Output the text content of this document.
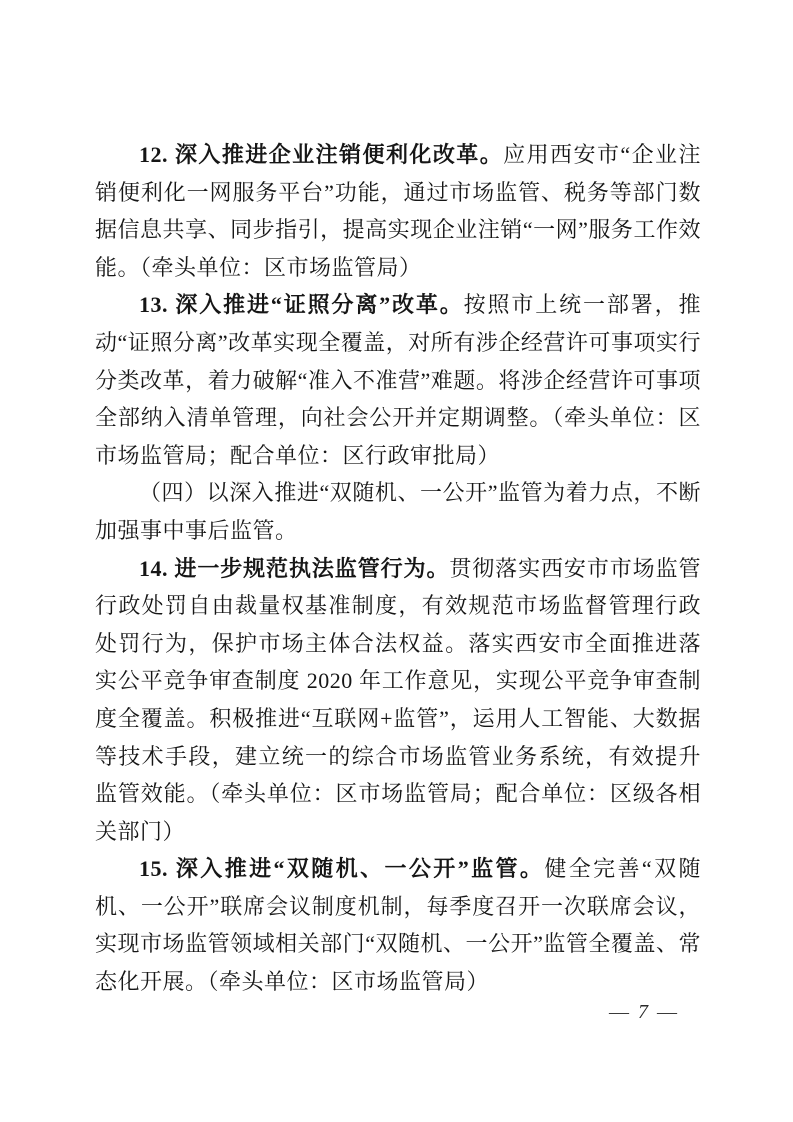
12. 深入推进企业注销便利化改革。应用西安市“企业注销便利化一网服务平台”功能，通过市场监管、税务等部门数据信息共享、同步指引，提高实现企业注销“一网”服务工作效能。（牵头单位：区市场监管局）

13. 深入推进“证照分离”改革。按照市上统一部署，推动“证照分离”改革实现全覆盖，对所有涉企经营许可事项实行分类改革，着力破解“准入不准营”难题。将涉企经营许可事项全部纳入清单管理，向社会公开并定期调整。（牵头单位：区市场监管局；配合单位：区行政审批局）

（四）以深入推进“双随机、一公开”监管为着力点，不断加强事中事后监管。

14. 进一步规范执法监管行为。贯彻落实西安市市场监管行政处罚自由裁量权基准制度，有效规范市场监督管理行政处罚行为，保护市场主体合法权益。落实西安市全面推进落实公平竞争审查制度 2020 年工作意见，实现公平竞争审查制度全覆盖。积极推进“互联网+监管”，运用人工智能、大数据等技术手段，建立统一的综合市场监管业务系统，有效提升监管效能。（牵头单位：区市场监管局；配合单位：区级各相关部门）

15. 深入推进“双随机、一公开”监管。健全完善“双随机、一公开”联席会议制度机制，每季度召开一次联席会议，实现市场监管领域相关部门“双随机、一公开”监管全覆盖、常态化开展。（牵头单位：区市场监管局）

— 7 —
